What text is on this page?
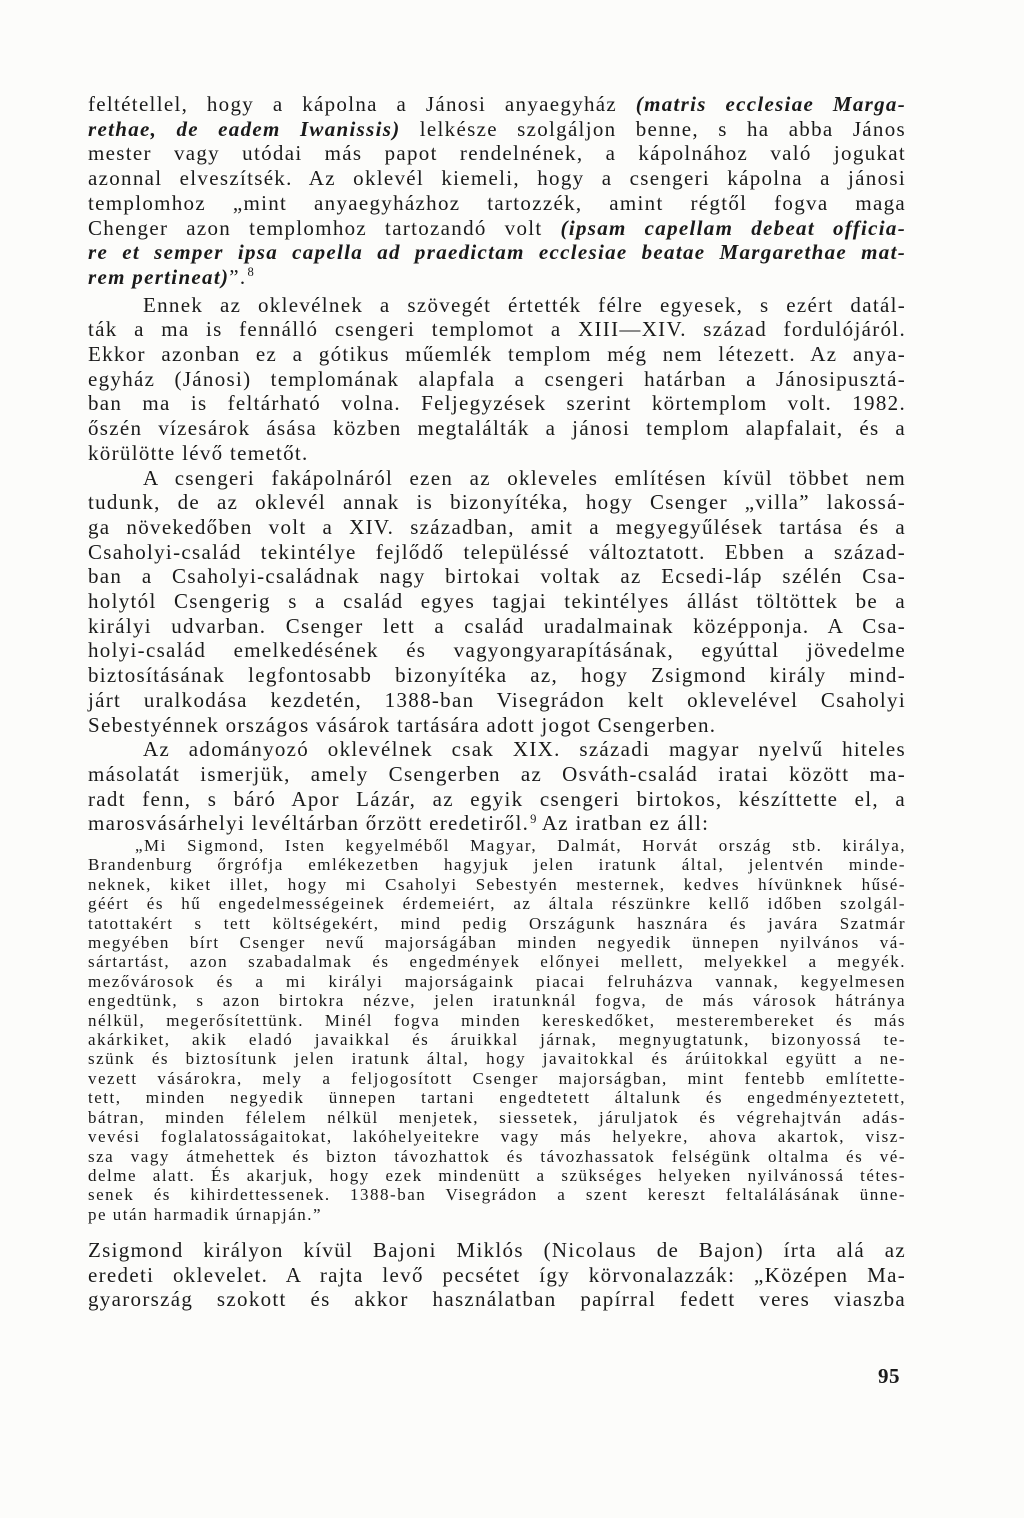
feltétellel, hogy a kápolna a Jánosi anyaegyház (matris ecclesiae Marga-
rethae, de eadem Iwanissis) lelkésze szolgáljon benne, s ha abba János
mester vagy utódai más papot rendelnének, a kápolnához való jogukat
azonnal elveszítsék. Az oklevél kiemeli, hogy a csengeri kápolna a jánosi
templomhoz „mint anyaegyházhoz tartozzék, amint régtől fogva maga
Chenger azon templomhoz tartozandó volt (ipsam capellam debeat officia-
re et semper ipsa capella ad praedictam ecclesiae beatae Margarethae mat-
rem pertineat)”.$^8$
Ennek az oklevélnek a szövegét értették félre egyesek, s ezért datál-
ták a ma is fennálló csengeri templomot a XIII—XIV. század fordulójáról.
Ekkor azonban ez a gótikus műemlék templom még nem létezett. Az anya-
egyház (Jánosi) templomának alapfala a csengeri határban a Jánosipusztá-
ban ma is feltárható volna. Feljegyzések szerint körtemplom volt. 1982.
őszén vízesárok ásása közben megtalálták a jánosi templom alapfalait, és a
körülötte lévő temetőt.
A csengeri fakápolnáról ezen az okleveles említésen kívül többet nem
tudunk, de az oklevél annak is bizonyítéka, hogy Csenger „villa” lakossá-
ga növekedőben volt a XIV. században, amit a megyegyűlések tartása és a
Csaholyi-család tekintélye fejlődő településsé változtatott. Ebben a század-
ban a Csaholyi-családnak nagy birtokai voltak az Ecsedi-láp szélén Csa-
holytól Csengerig s a család egyes tagjai tekintélyes állást töltöttek be a
királyi udvarban. Csenger lett a család uradalmainak középponja. A Csa-
holyi-család emelkedésének és vagyongyarapításának, egyúttal jövedelme
biztosításának legfontosabb bizonyítéka az, hogy Zsigmond király mind-
járt uralkodása kezdetén, 1388-ban Visegrádon kelt oklevelével Csaholyi
Sebestyénnek országos vásárok tartására adott jogot Csengerben.
Az adományozó oklevélnek csak XIX. századi magyar nyelvű hiteles
másolatát ismerjük, amely Csengerben az Osváth-család iratai között ma-
radt fenn, s báró Apor Lázár, az egyik csengeri birtokos, készíttette el, a
marosvásárhelyi levéltárban őrzött eredetiről.$^9$ Az iratban ez áll:
„Mi Sigmond, Isten kegyelméből Magyar, Dalmát, Horvát ország stb. királya,
Brandenburg őrgrófja emlékezetben hagyjuk jelen iratunk által, jelentvén minde-
neknek, kiket illet, hogy mi Csaholyi Sebestyén mesternek, kedves hívünknek hűsé-
géért és hű engedelmességeinek érdemeiért, az általa részünkre kellő időben szolgál-
tatottakért s tett költségekért, mind pedig Országunk hasznára és javára Szatmár
megyében bírt Csenger nevű majorságában minden negyedik ünnepen nyilvános vá-
sártartást, azon szabadalmak és engedmények előnyei mellett, melyekkel a megyék.
mezővárosok és a mi királyi majorságaink piacai felruházva vannak, kegyelmesen
engedtünk, s azon birtokra nézve, jelen iratunknál fogva, de más városok hátránya
nélkül, megerősítettünk. Minél fogva minden kereskedőket, mesterembereket és más
akárkiket, akik eladó javaikkal és áruikkal járnak, megnyugtatunk, bizonyossá te-
szünk és biztosítunk jelen iratunk által, hogy javaitokkal és árúitokkal együtt a ne-
vezett vásárokra, mely a feljogosított Csenger majorságban, mint fentebb említette-
tett, minden negyedik ünnepen tartani engedtetett általunk és engedményeztetett,
bátran, minden félelem nélkül menjetek, siessetek, járuljatok és végrehajtván adás-
vevési foglalatosságaitokat, lakóhelyeitekre vagy más helyekre, ahova akartok, visz-
sza vagy átmehettek és bizton távozhattok és távozhassatok felségünk oltalma és vé-
delme alatt. És akarjuk, hogy ezek mindenütt a szükséges helyeken nyilvánossá tétes-
senek és kihirdettessenek. 1388-ban Visegrádon a szent kereszt feltalálásának ünne-
pe után harmadik úrnapján.”
Zsigmond királyon kívül Bajoni Miklós (Nicolaus de Bajon) írta alá az
eredeti oklevelet. A rajta levő pecsétet így körvonalazzák: „Középen Ma-
gyarország szokott és akkor használatban papírral fedett veres viaszba
95
